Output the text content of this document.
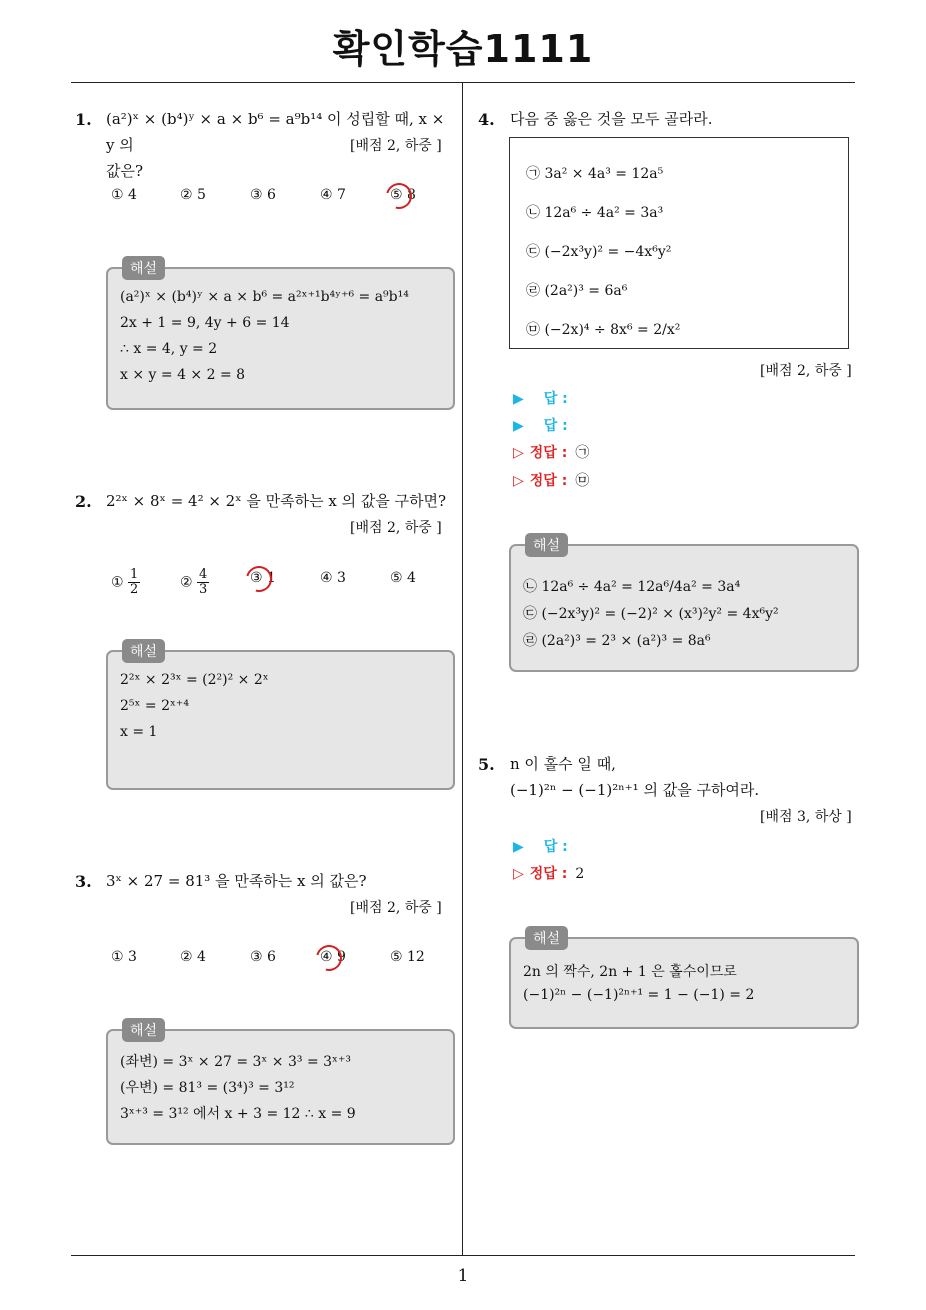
확인학습1111
1
1. (a²)ˣ × (b⁴)ʸ × a × b⁶ = a⁹b¹⁴ 이 성립할 때, x × y 의
값은?
[배점 2, 하중 ]
① 4	② 5	③ 6	④ 7	⑤ 8
해설
(a²)ˣ × (b⁴)ʸ × a × b⁶ = a²ˣ⁺¹b⁴ʸ⁺⁶ = a⁹b¹⁴
2x + 1 = 9, 4y + 6 = 14
∴ x = 4, y = 2
x × y = 4 × 2 = 8
2. 2²ˣ × 8ˣ = 4² × 2ˣ 을 만족하는 x 의 값을 구하면?
[배점 2, 하중 ]
① $\frac{1}{2}$	② $\frac{4}{3}$	③ 1	④ 3	⑤ 4
해설
2²ˣ × 2³ˣ = (2²)² × 2ˣ
2⁵ˣ = 2ˣ⁺⁴
x = 1
3. 3ˣ × 27 = 81³ 을 만족하는 x 의 값은?
[배점 2, 하중 ]
① 3	② 4	③ 6	④ 9	⑤ 12
해설
(좌변) = 3ˣ × 27 = 3ˣ × 3³ = 3ˣ⁺³
(우변) = 81³ = (3⁴)³ = 3¹²
3ˣ⁺³ = 3¹² 에서 x + 3 = 12 ∴ x = 9
4. 다음 중 옳은 것을 모두 골라라.
㉠ 3a² × 4a³ = 12a⁵
㉡ 12a⁶ ÷ 4a² = 3a³
㉢ (−2x³y)² = −4x⁶y²
㉣ (2a²)³ = 6a⁶
㉤ (−2x)⁴ ÷ 8x⁶ = 2/x²
[배점 2, 하중 ]
▶ 답 :
▶ 답 :
▷ 정답 : ㉠
▷ 정답 : ㉤
해설
㉡ 12a⁶ ÷ 4a² = 12a⁶/4a² = 3a⁴
㉢ (−2x³y)² = (−2)² × (x³)²y² = 4x⁶y²
㉣ (2a²)³ = 2³ × (a²)³ = 8a⁶
5. n 이 홀수 일 때,
(−1)²ⁿ − (−1)²ⁿ⁺¹ 의 값을 구하여라.
[배점 3, 하상 ]
▶ 답 :
▷ 정답 : 2
해설
2n 의 짝수, 2n + 1 은 홀수이므로
(−1)²ⁿ − (−1)²ⁿ⁺¹ = 1 − (−1) = 2
